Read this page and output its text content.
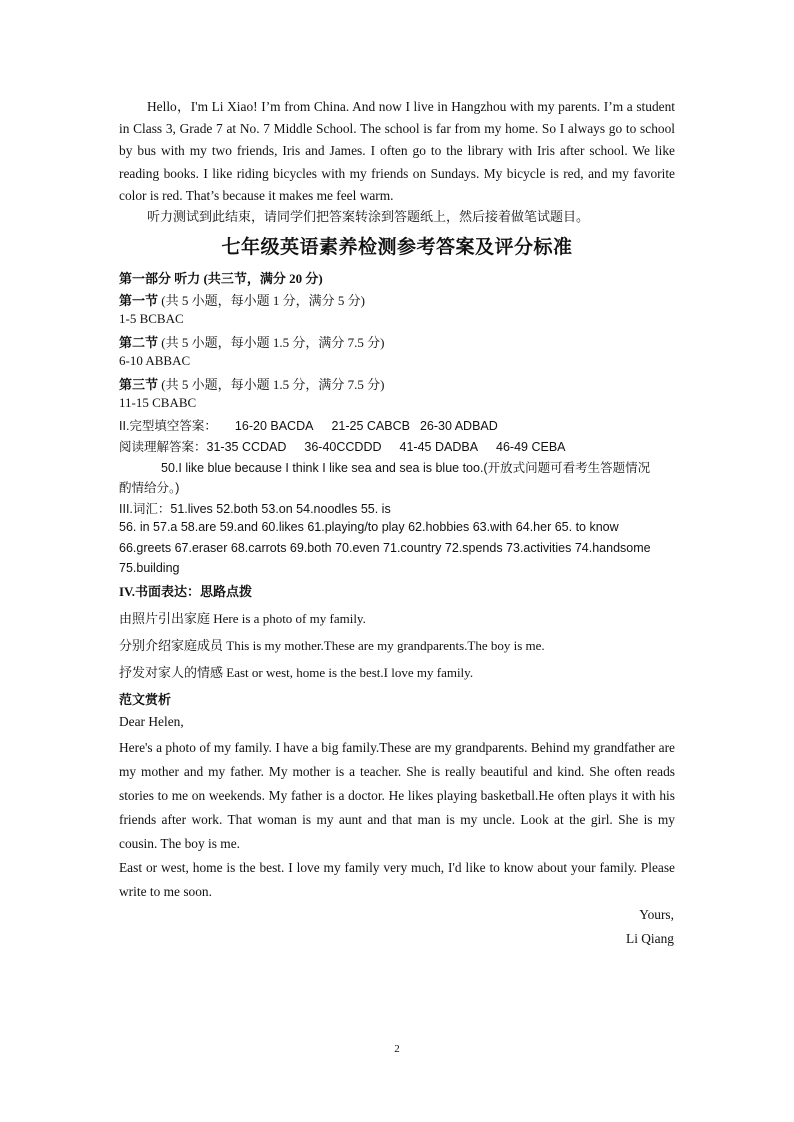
Hello，I'm Li Xiao! I’m from China. And now I live in Hangzhou with my parents. I’m a student in Class 3, Grade 7 at No. 7 Middle School. The school is far from my home. So I always go to school by bus with my two friends, Iris and James. I often go to the library with Iris after school. We like reading books. I like riding bicycles with my friends on Sundays. My bicycle is red, and my favorite color is red. That’s because it makes me feel warm.

听力测试到此结束，请同学们把答案转涂到答题纸上，然后接着做笔试题目。
七年级英语素养检测参考答案及评分标准
第一部分 听力 (共三节，满分 20 分)
第一节 (共 5 小题，每小题 1 分，满分 5 分)
1-5 BCBAC
第二节 (共 5 小题，每小题 1.5 分，满分 7.5 分)
6-10 ABBAC
第三节 (共 5 小题，每小题 1.5 分，满分 7.5 分)
11-15 CBABC
II.完型填空答案： 16-20 BACDA 21-25 CABCB 26-30 ADBAD
阅读理解答案：31-35 CCDAD 36-40CCDDD 41-45 DADBA 46-49 CEBA
50.I like blue because I think I like sea and sea is blue too.(开放式问题可看考生答题情况
酌情给分。)
III.词汇：51.lives 52.both 53.on 54.noodles 55. is
56. in 57.a 58.are 59.and 60.likes 61.playing/to play 62.hobbies 63.with 64.her 65. to know
66.greets 67.eraser 68.carrots 69.both 70.even 71.country 72.spends 73.activities 74.handsome
75.building
IV.书面表达：思路点拨
由照片引出家庭 Here is a photo of my family.
分别介绍家庭成员 This is my mother.These are my grandparents.The boy is me.
抒发对家人的情感 East or west, home is the best.I love my family.
范文赏析
Dear Helen,

Here's a photo of my family. I have a big family.These are my grandparents. Behind my grandfather are my mother and my father. My mother is a teacher. She is really beautiful and kind. She often reads stories to me on weekends. My father is a doctor. He likes playing basketball.He often plays it with his friends after work. That woman is my aunt and that man is my uncle. Look at the girl. She is my cousin. The boy is me.

East or west, home is the best. I love my family very much, I'd like to know about your family. Please write to me soon.

Yours,
Li Qiang
2
